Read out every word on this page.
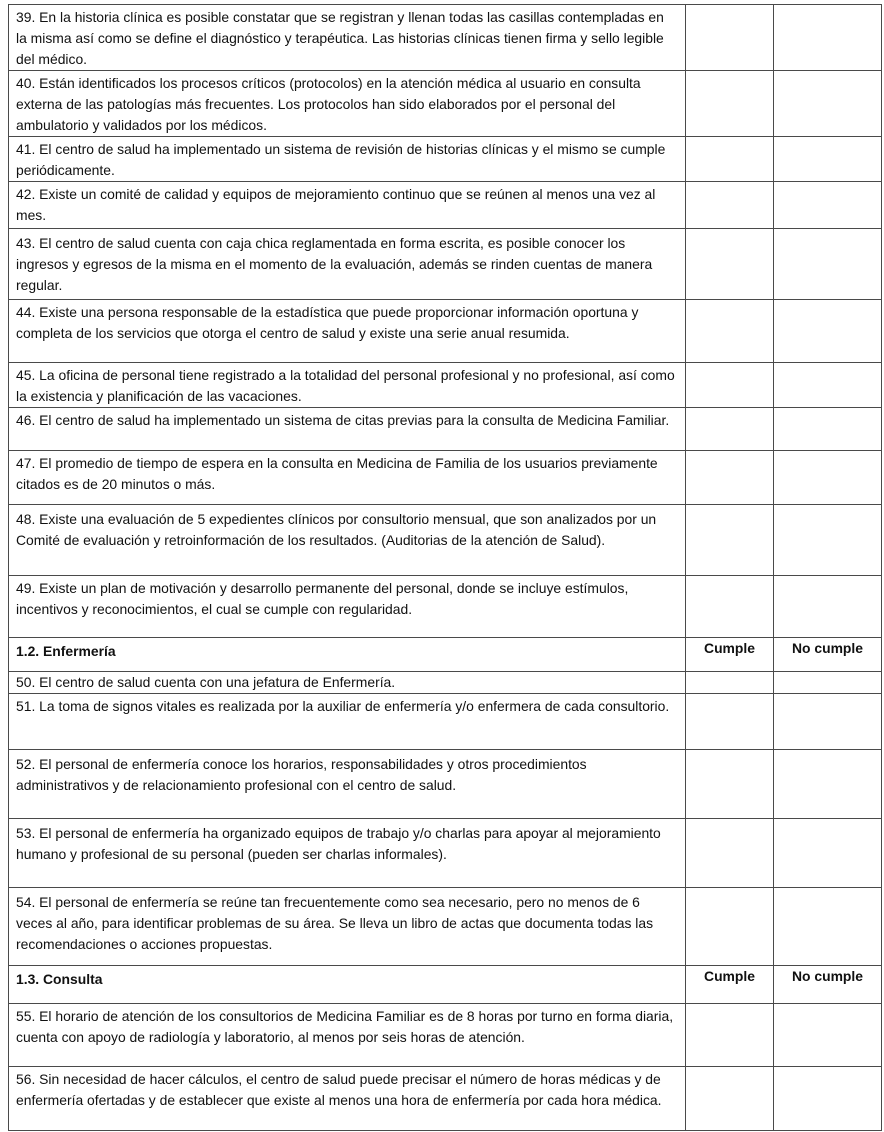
39. En la historia clínica es posible constatar que se registran y llenan todas las casillas contempladas en la misma así como se define el diagnóstico y terapéutica. Las historias clínicas tienen firma y sello legible del médico.		

40. Están identificados los procesos críticos (protocolos) en la atención médica al usuario en consulta externa de las patologías más frecuentes. Los protocolos han sido elaborados por el personal del ambulatorio y validados por los médicos.		

41. El centro de salud ha implementado un sistema de revisión de historias clínicas y el mismo se cumple periódicamente.		

42. Existe un comité de calidad y equipos de mejoramiento continuo que se reúnen al menos una vez al mes.		

43. El centro de salud cuenta con caja chica reglamentada en forma escrita, es posible conocer los ingresos y egresos de la misma en el momento de la evaluación, además se rinden cuentas de manera regular.		

44. Existe una persona responsable de la estadística que puede proporcionar información oportuna y completa de los servicios que otorga el centro de salud y existe una serie anual resumida.		

45. La oficina de personal tiene registrado a la totalidad del personal profesional y no profesional, así como la existencia y planificación de las vacaciones.		

46. El centro de salud ha implementado un sistema de citas previas para la consulta de Medicina Familiar.		

47. El promedio de tiempo de espera en la consulta en Medicina de Familia de los usuarios previamente citados es de 20 minutos o más.		

48. Existe una evaluación de 5 expedientes clínicos por consultorio mensual, que son analizados por un Comité de evaluación y retroinformación de los resultados. (Auditorias de la atención de Salud).		

49. Existe un plan de motivación y desarrollo permanente del personal, donde se incluye estímulos, incentivos y reconocimientos, el cual se cumple con regularidad.		

1.2. Enfermería	Cumple	No cumple

50. El centro de salud cuenta con una jefatura de Enfermería.		

51. La toma de signos vitales es realizada por la auxiliar de enfermería y/o enfermera de cada consultorio.		

52. El personal de enfermería conoce los horarios, responsabilidades y otros procedimientos administrativos y de relacionamiento profesional con el centro de salud.		

53. El personal de enfermería ha organizado equipos de trabajo y/o charlas para apoyar al mejoramiento humano y profesional de su personal (pueden ser charlas informales).		

54. El personal de enfermería se reúne tan frecuentemente como sea necesario, pero no menos de 6 veces al año, para identificar problemas de su área. Se lleva un libro de actas que documenta todas las recomendaciones o acciones propuestas.		

1.3. Consulta	Cumple	No cumple

55. El horario de atención de los consultorios de Medicina Familiar es de 8 horas por turno en forma diaria, cuenta con apoyo de radiología y laboratorio, al menos por seis horas de atención.		

56. Sin necesidad de hacer cálculos, el centro de salud puede precisar el número de horas médicas y de enfermería ofertadas y de establecer que existe al menos una hora de enfermería por cada hora médica.		
